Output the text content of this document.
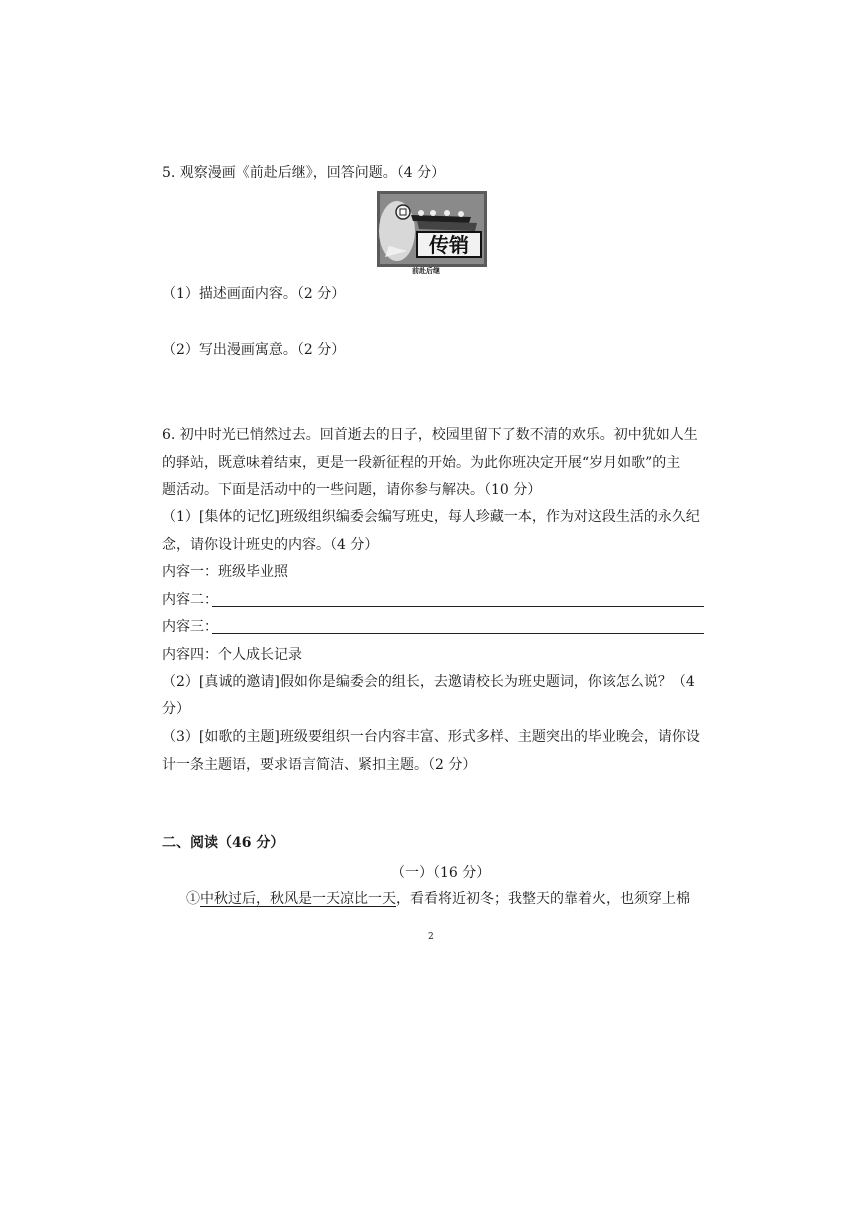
5. 观察漫画《前赴后继》，回答问题。（4 分）
传销
前赴后继
（1）描述画面内容。（2 分）
（2）写出漫画寓意。（2 分）
6. 初中时光已悄然过去。回首逝去的日子，校园里留下了数不清的欢乐。初中犹如人生
的驿站，既意味着结束，更是一段新征程的开始。为此你班决定开展“岁月如歌”的主
题活动。下面是活动中的一些问题，请你参与解决。（10 分）
（1）[集体的记忆]班级组织编委会编写班史，每人珍藏一本，作为对这段生活的永久纪
念，请你设计班史的内容。（4 分）
内容一：班级毕业照
内容二：
内容三：
内容四：个人成长记录
（2）[真诚的邀请]假如你是编委会的组长，去邀请校长为班史题词，你该怎么说？（4
分）
（3）[如歌的主题]班级要组织一台内容丰富、形式多样、主题突出的毕业晚会，请你设
计一条主题语，要求语言简洁、紧扣主题。（2 分）
二、阅读（46 分）
（一）（16 分）
①中秋过后，秋风是一天凉比一天，看看将近初冬；我整天的靠着火，也须穿上棉
2
